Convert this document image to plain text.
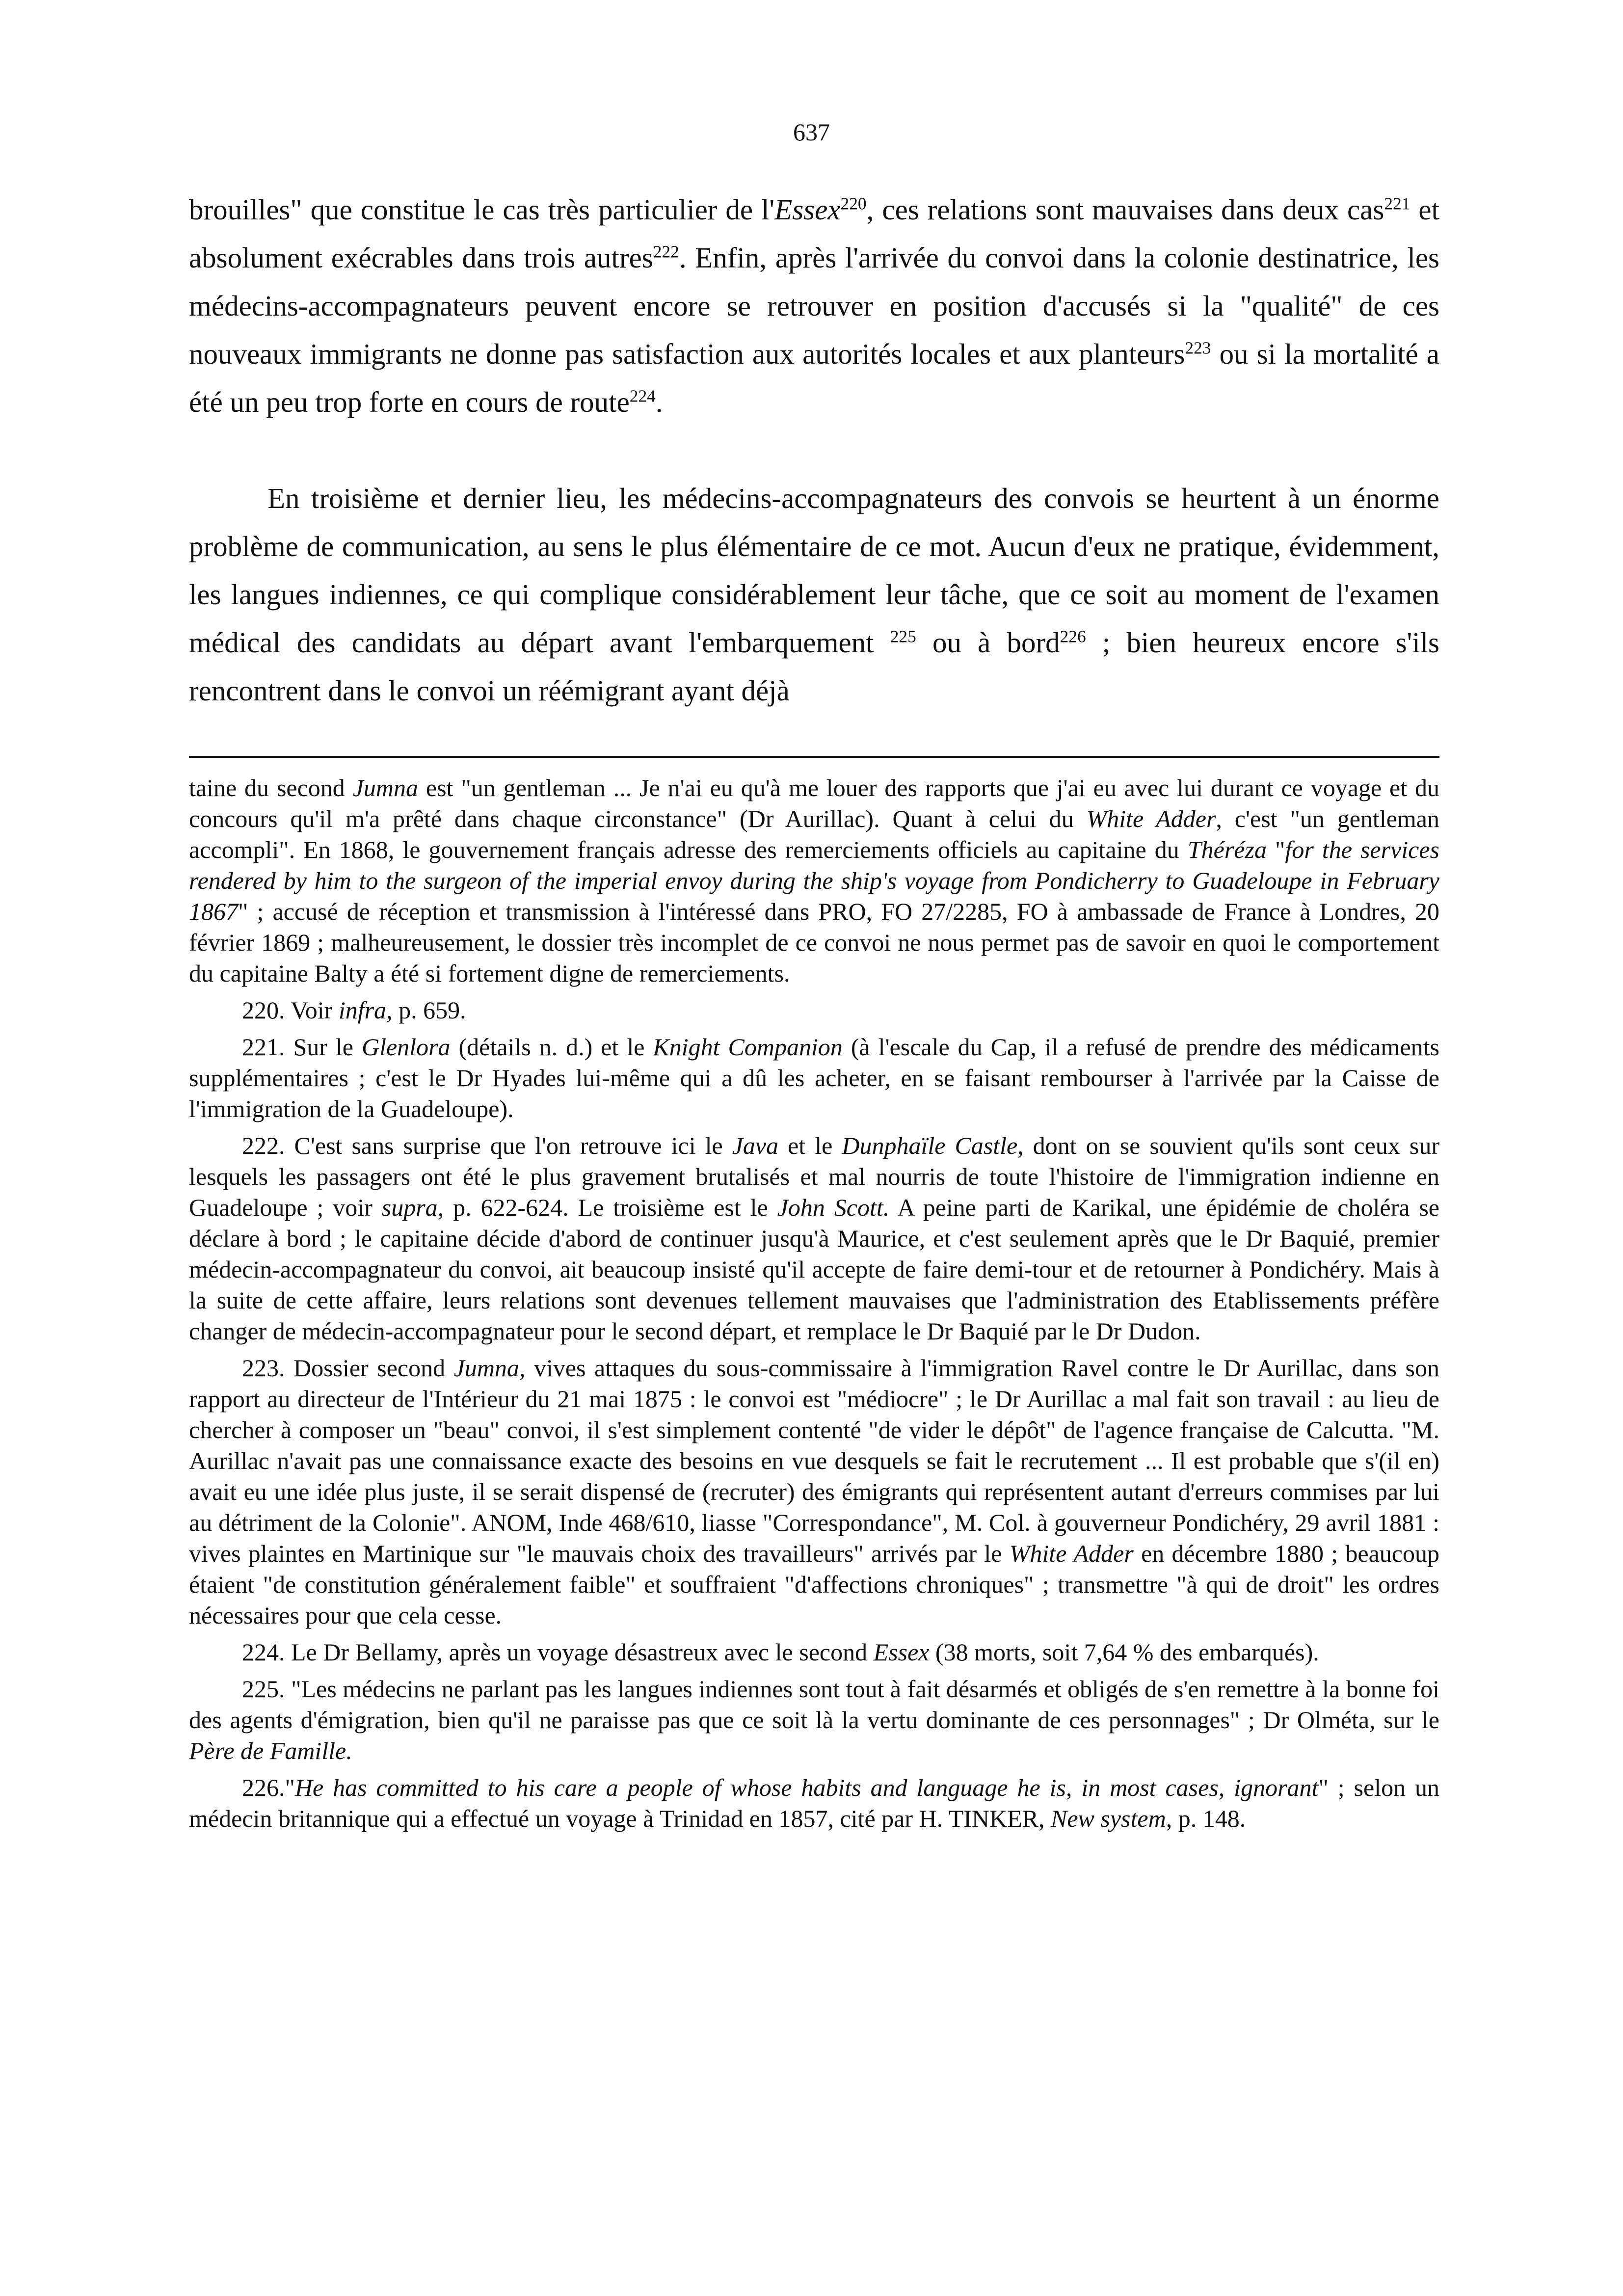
637

brouilles" que constitue le cas très particulier de l'Essex$^{220}$, ces relations sont mauvaises dans deux cas$^{221}$ et absolument exécrables dans trois autres$^{222}$. Enfin, après l'arrivée du convoi dans la colonie destinatrice, les médecins-accompagnateurs peuvent encore se retrouver en position d'accusés si la "qualité" de ces nouveaux immigrants ne donne pas satisfaction aux autorités locales et aux planteurs$^{223}$ ou si la mortalité a été un peu trop forte en cours de route$^{224}$.

En troisième et dernier lieu, les médecins-accompagnateurs des convois se heurtent à un énorme problème de communication, au sens le plus élémentaire de ce mot. Aucun d'eux ne pratique, évidemment, les langues indiennes, ce qui complique considérablement leur tâche, que ce soit au moment de l'examen médical des candidats au départ avant l'embarquement $^{225}$ ou à bord$^{226}$ ; bien heureux encore s'ils rencontrent dans le convoi un réémigrant ayant déjà

taine du second Jumna est "un gentleman ... Je n'ai eu qu'à me louer des rapports que j'ai eu avec lui durant ce voyage et du concours qu'il m'a prêté dans chaque circonstance" (Dr Aurillac). Quant à celui du White Adder, c'est "un gentleman accompli". En 1868, le gouvernement français adresse des remerciements officiels au capitaine du Théréza "for the services rendered by him to the surgeon of the imperial envoy during the ship's voyage from Pondicherry to Guadeloupe in February 1867" ; accusé de réception et transmission à l'intéressé dans PRO, FO 27/2285, FO à ambassade de France à Londres, 20 février 1869 ; malheureusement, le dossier très incomplet de ce convoi ne nous permet pas de savoir en quoi le comportement du capitaine Balty a été si fortement digne de remerciements.

220. Voir infra, p. 659.

221. Sur le Glenlora (détails n. d.) et le Knight Companion (à l'escale du Cap, il a refusé de prendre des médicaments supplémentaires ; c'est le Dr Hyades lui-même qui a dû les acheter, en se faisant rembourser à l'arrivée par la Caisse de l'immigration de la Guadeloupe).

222. C'est sans surprise que l'on retrouve ici le Java et le Dunphaïle Castle, dont on se souvient qu'ils sont ceux sur lesquels les passagers ont été le plus gravement brutalisés et mal nourris de toute l'histoire de l'immigration indienne en Guadeloupe ; voir supra, p. 622-624. Le troisième est le John Scott. A peine parti de Karikal, une épidémie de choléra se déclare à bord ; le capitaine décide d'abord de continuer jusqu'à Maurice, et c'est seulement après que le Dr Baquié, premier médecin-accompagnateur du convoi, ait beaucoup insisté qu'il accepte de faire demi-tour et de retourner à Pondichéry. Mais à la suite de cette affaire, leurs relations sont devenues tellement mauvaises que l'administration des Etablissements préfère changer de médecin-accompagnateur pour le second départ, et remplace le Dr Baquié par le Dr Dudon.

223. Dossier second Jumna, vives attaques du sous-commissaire à l'immigration Ravel contre le Dr Aurillac, dans son rapport au directeur de l'Intérieur du 21 mai 1875 : le convoi est "médiocre" ; le Dr Aurillac a mal fait son travail : au lieu de chercher à composer un "beau" convoi, il s'est simplement contenté "de vider le dépôt" de l'agence française de Calcutta. "M. Aurillac n'avait pas une connaissance exacte des besoins en vue desquels se fait le recrutement ... Il est probable que s'(il en) avait eu une idée plus juste, il se serait dispensé de (recruter) des émigrants qui représentent autant d'erreurs commises par lui au détriment de la Colonie". ANOM, Inde 468/610, liasse "Correspondance", M. Col. à gouverneur Pondichéry, 29 avril 1881 : vives plaintes en Martinique sur "le mauvais choix des travailleurs" arrivés par le White Adder en décembre 1880 ; beaucoup étaient "de constitution généralement faible" et souffraient "d'affections chroniques" ; transmettre "à qui de droit" les ordres nécessaires pour que cela cesse.

224. Le Dr Bellamy, après un voyage désastreux avec le second Essex (38 morts, soit 7,64 % des embarqués).

225. "Les médecins ne parlant pas les langues indiennes sont tout à fait désarmés et obligés de s'en remettre à la bonne foi des agents d'émigration, bien qu'il ne paraisse pas que ce soit là la vertu dominante de ces personnages" ; Dr Olméta, sur le Père de Famille.

226."He has committed to his care a people of whose habits and language he is, in most cases, ignorant" ; selon un médecin britannique qui a effectué un voyage à Trinidad en 1857, cité par H. TINKER, New system, p. 148.
